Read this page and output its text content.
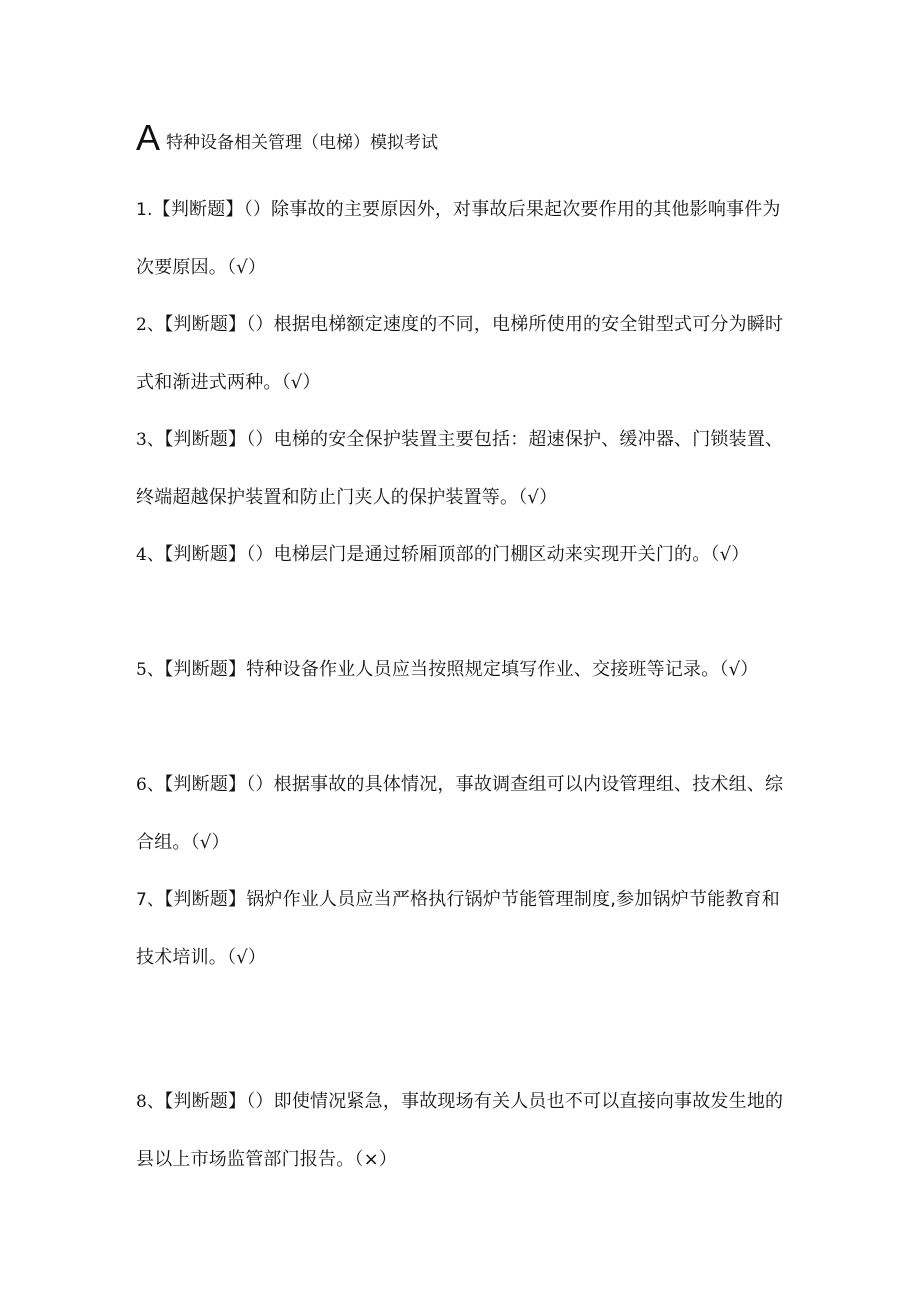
A 特种设备相关管理（电梯）模拟考试

1.【判断题】（）除事故的主要原因外，对事故后果起次要作用的其他影响事件为次要原因。（√）

2、【判断题】（）根据电梯额定速度的不同，电梯所使用的安全钳型式可分为瞬时式和渐进式两种。（√）

3、【判断题】（）电梯的安全保护装置主要包括：超速保护、缓冲器、门锁装置、终端超越保护装置和防止门夹人的保护装置等。（√）

4、【判断题】（）电梯层门是通过轿厢顶部的门棚区动来实现开关门的。（√）

5、【判断题】特种设备作业人员应当按照规定填写作业、交接班等记录。（√）

6、【判断题】（）根据事故的具体情况，事故调查组可以内设管理组、技术组、综合组。（√）

7、【判断题】锅炉作业人员应当严格执行锅炉节能管理制度,参加锅炉节能教育和技术培训。（√）

8、【判断题】（）即使情况紧急，事故现场有关人员也不可以直接向事故发生地的县以上市场监管部门报告。（×）
